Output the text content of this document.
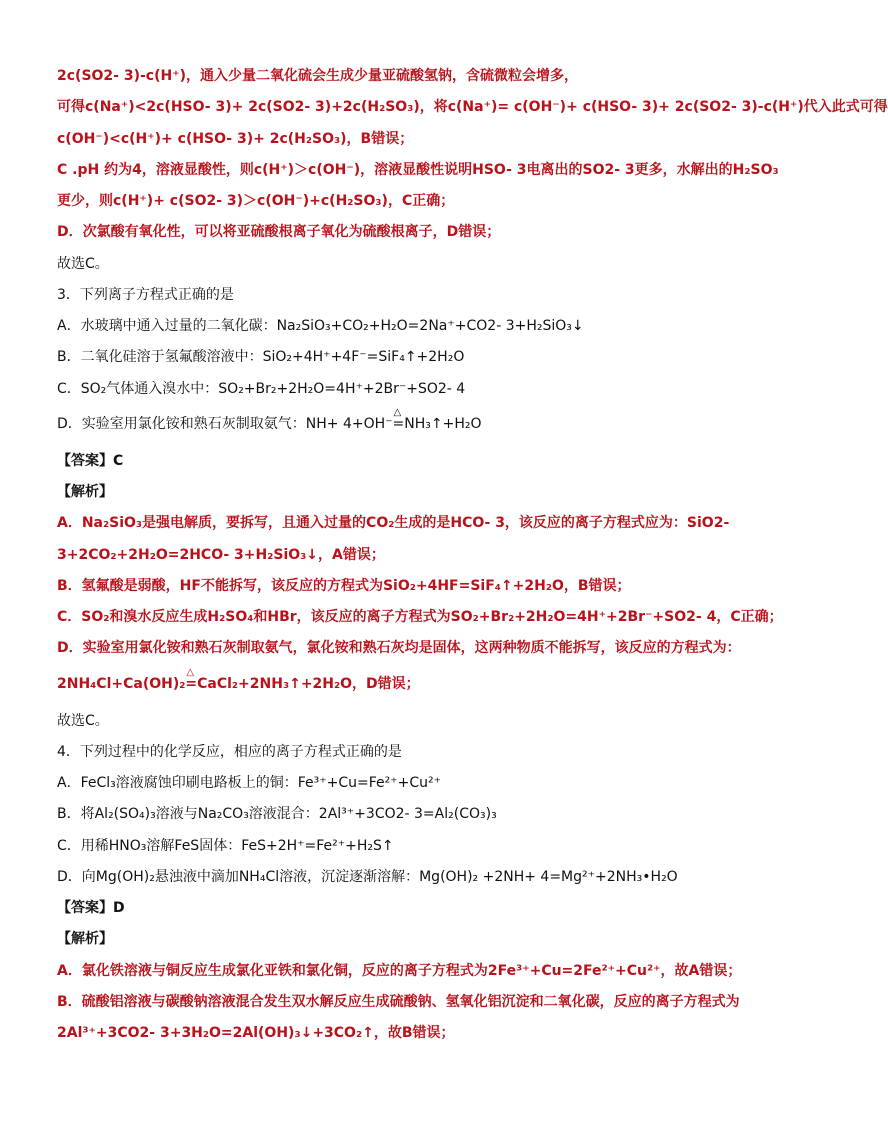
2c(SO2- 3)-c(H⁺)，通入少量二氧化硫会生成少量亚硫酸氢钠，含硫微粒会增多，
可得c(Na⁺)<2c(HSO- 3)+ 2c(SO2- 3)+2c(H₂SO₃)，将c(Na⁺)= c(OH⁻)+ c(HSO- 3)+ 2c(SO2- 3)-c(H⁺)代入此式可得
c(OH⁻)<c(H⁺)+ c(HSO- 3)+ 2c(H₂SO₃)，B错误；
C .pH 约为4，溶液显酸性，则c(H⁺)＞c(OH⁻)，溶液显酸性说明HSO- 3电离出的SO2- 3更多，水解出的H₂SO₃
更少，则c(H⁺)+ c(SO2- 3)＞c(OH⁻)+c(H₂SO₃)，C正确；
D．次氯酸有氧化性，可以将亚硫酸根离子氧化为硫酸根离子，D错误；
故选C。
3．下列离子方程式正确的是
A．水玻璃中通入过量的二氧化碳：Na₂SiO₃+CO₂+H₂O=2Na⁺+CO2- 3+H₂SiO₃↓
B．二氧化硅溶于氢氟酸溶液中：SiO₂+4H⁺+4F⁻=SiF₄↑+2H₂O
C．SO₂气体通入溴水中：SO₂+Br₂+2H₂O=4H⁺+2Br⁻+SO2- 4
D．实验室用氯化铵和熟石灰制取氨气：NH+ 4+OH⁻
△
=NH₃↑+H₂O
【答案】C
【解析】
A．Na₂SiO₃是强电解质，要拆写，且通入过量的CO₂生成的是HCO- 3，该反应的离子方程式应为：SiO2-
3+2CO₂+2H₂O=2HCO- 3+H₂SiO₃↓，A错误；
B．氢氟酸是弱酸，HF不能拆写，该反应的方程式为SiO₂+4HF=SiF₄↑+2H₂O，B错误；
C．SO₂和溴水反应生成H₂SO₄和HBr，该反应的离子方程式为SO₂+Br₂+2H₂O=4H⁺+2Br⁻+SO2- 4，C正确；
D．实验室用氯化铵和熟石灰制取氨气，氯化铵和熟石灰均是固体，这两种物质不能拆写，该反应的方程式为：
2NH₄Cl+Ca(OH)₂
△
=CaCl₂+2NH₃↑+2H₂O，D错误；
故选C。
4．下列过程中的化学反应，相应的离子方程式正确的是
A．FeCl₃溶液腐蚀印刷电路板上的铜：Fe³⁺+Cu=Fe²⁺+Cu²⁺
B．将Al₂(SO₄)₃溶液与Na₂CO₃溶液混合：2Al³⁺+3CO2- 3=Al₂(CO₃)₃
C．用稀HNO₃溶解FeS固体：FeS+2H⁺=Fe²⁺+H₂S↑
D．向Mg(OH)₂悬浊液中滴加NH₄Cl溶液，沉淀逐渐溶解：Mg(OH)₂ +2NH+ 4=Mg²⁺+2NH₃•H₂O
【答案】D
【解析】
A．氯化铁溶液与铜反应生成氯化亚铁和氯化铜，反应的离子方程式为2Fe³⁺+Cu=2Fe²⁺+Cu²⁺，故A错误；
B．硫酸铝溶液与碳酸钠溶液混合发生双水解反应生成硫酸钠、氢氧化铝沉淀和二氧化碳，反应的离子方程式为
2Al³⁺+3CO2- 3+3H₂O=2Al(OH)₃↓+3CO₂↑，故B错误；
